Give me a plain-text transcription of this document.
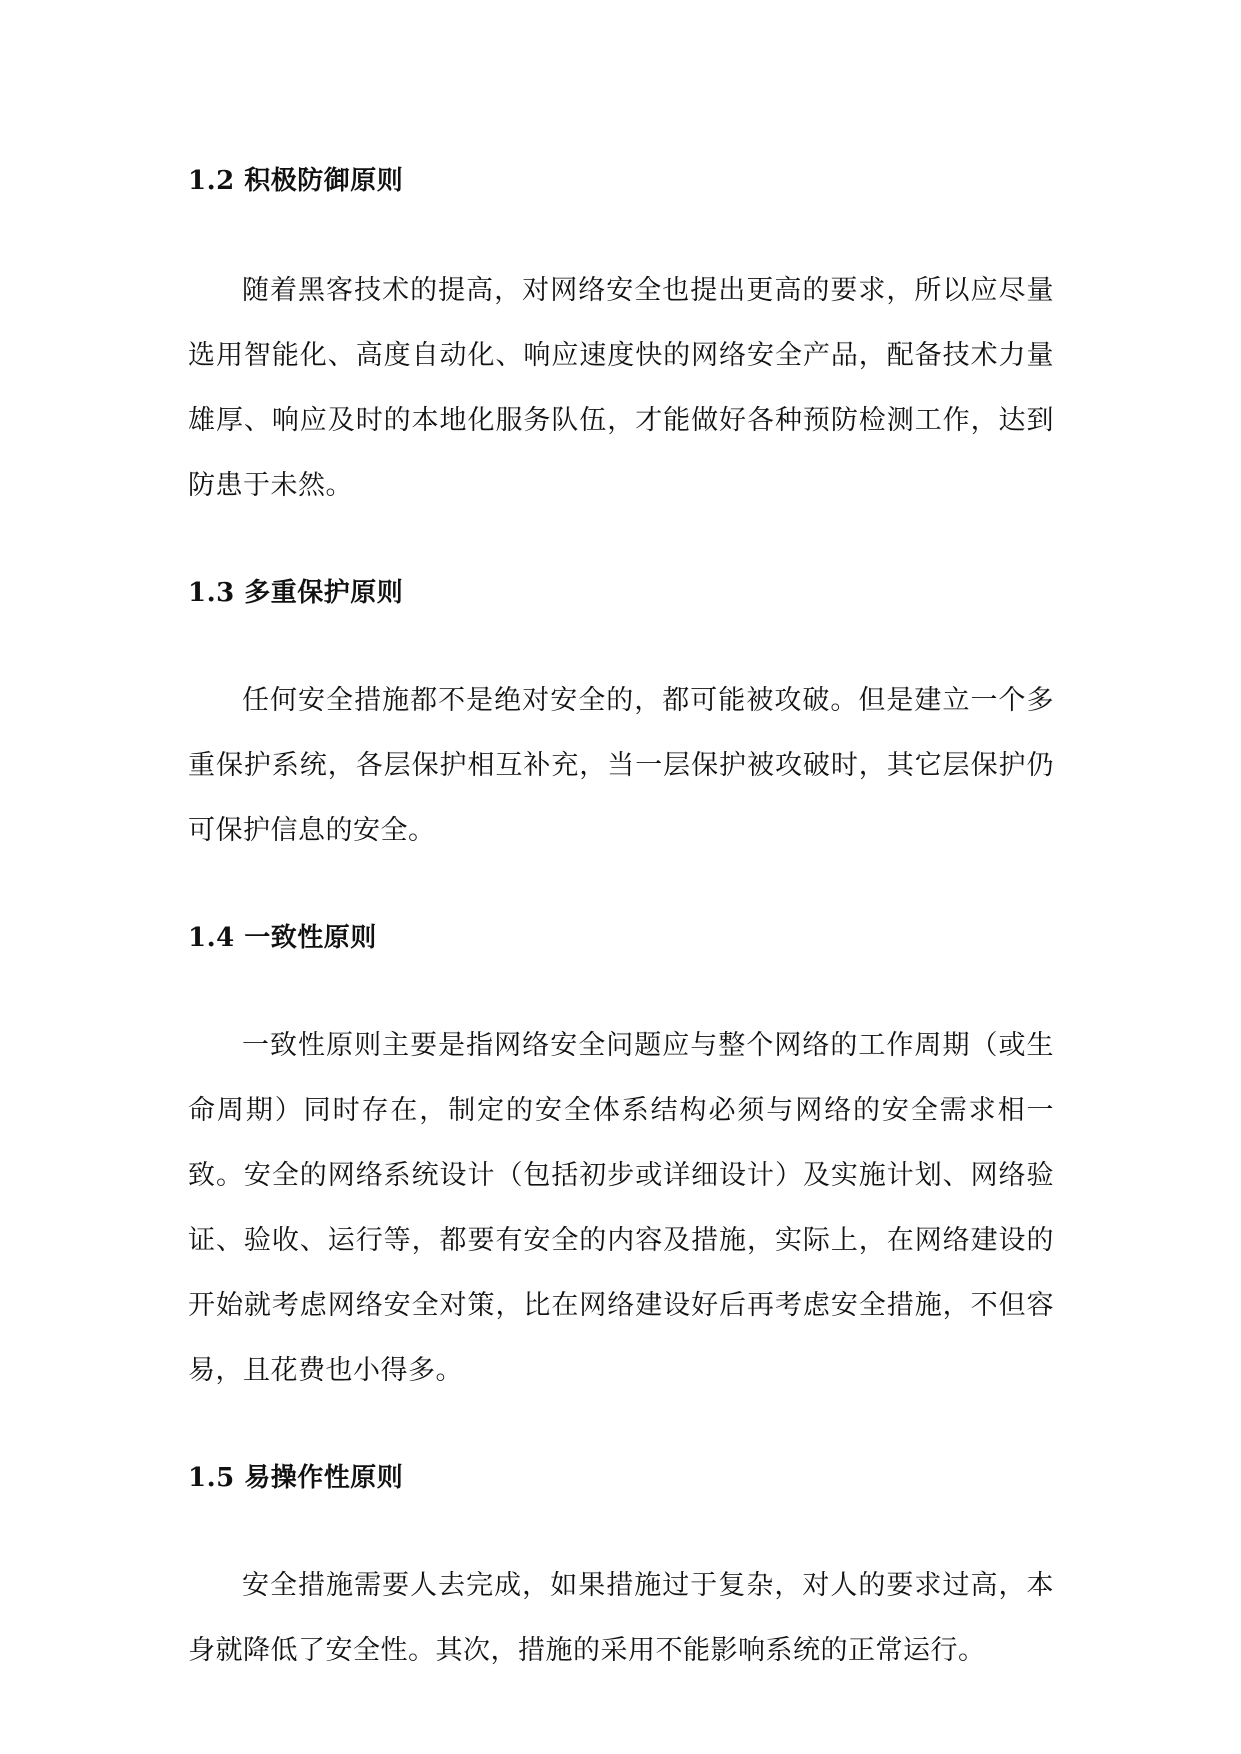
1.2 积极防御原则

随着黑客技术的提高，对网络安全也提出更高的要求，所以应尽量选用智能化、高度自动化、响应速度快的网络安全产品，配备技术力量雄厚、响应及时的本地化服务队伍，才能做好各种预防检测工作，达到防患于未然。

1.3 多重保护原则

任何安全措施都不是绝对安全的，都可能被攻破。但是建立一个多重保护系统，各层保护相互补充，当一层保护被攻破时，其它层保护仍可保护信息的安全。

1.4 一致性原则

一致性原则主要是指网络安全问题应与整个网络的工作周期（或生命周期）同时存在，制定的安全体系结构必须与网络的安全需求相一致。安全的网络系统设计（包括初步或详细设计）及实施计划、网络验证、验收、运行等，都要有安全的内容及措施，实际上，在网络建设的开始就考虑网络安全对策，比在网络建设好后再考虑安全措施，不但容易，且花费也小得多。

1.5 易操作性原则

安全措施需要人去完成，如果措施过于复杂，对人的要求过高，本身就降低了安全性。其次，措施的采用不能影响系统的正常运行。
